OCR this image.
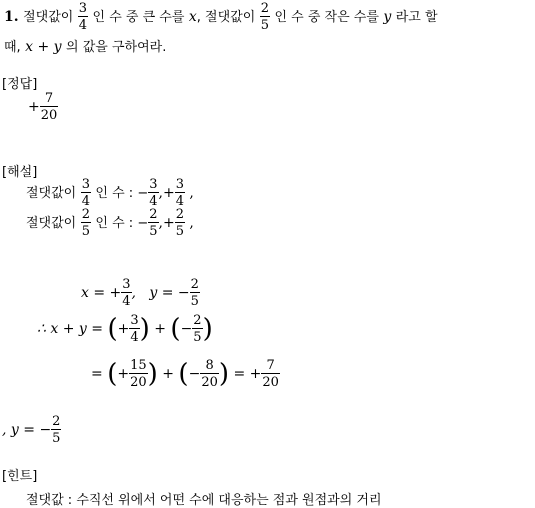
1. 절댓값이 $\frac{3}{4}$ 인 수 중 큰 수를 x, 절댓값이 $\frac{2}{5}$ 인 수 중 작은 수를 y 라고 할
때, x + y 의 값을 구하여라.
[정답]
+ $\frac{7}{20}$
[해설]
절댓값이 $\frac{3}{4}$ 인 수 : − $\frac{3}{4}$ ,+ $\frac{3}{4}$ ,
절댓값이 $\frac{2}{5}$ 인 수 : − $\frac{2}{5}$ ,+ $\frac{2}{5}$ ,
x = + $\frac{3}{4}$ ,   y = − $\frac{2}{5}$
∴ x + y = (+ $\frac{3}{4}$ ) + (− $\frac{2}{5}$ )
= (+ $\frac{15}{20}$ ) + (− $\frac{8}{20}$ ) = + $\frac{7}{20}$
, y = − $\frac{2}{5}$
[힌트]
절댓값 : 수직선 위에서 어떤 수에 대응하는 점과 원점과의 거리
